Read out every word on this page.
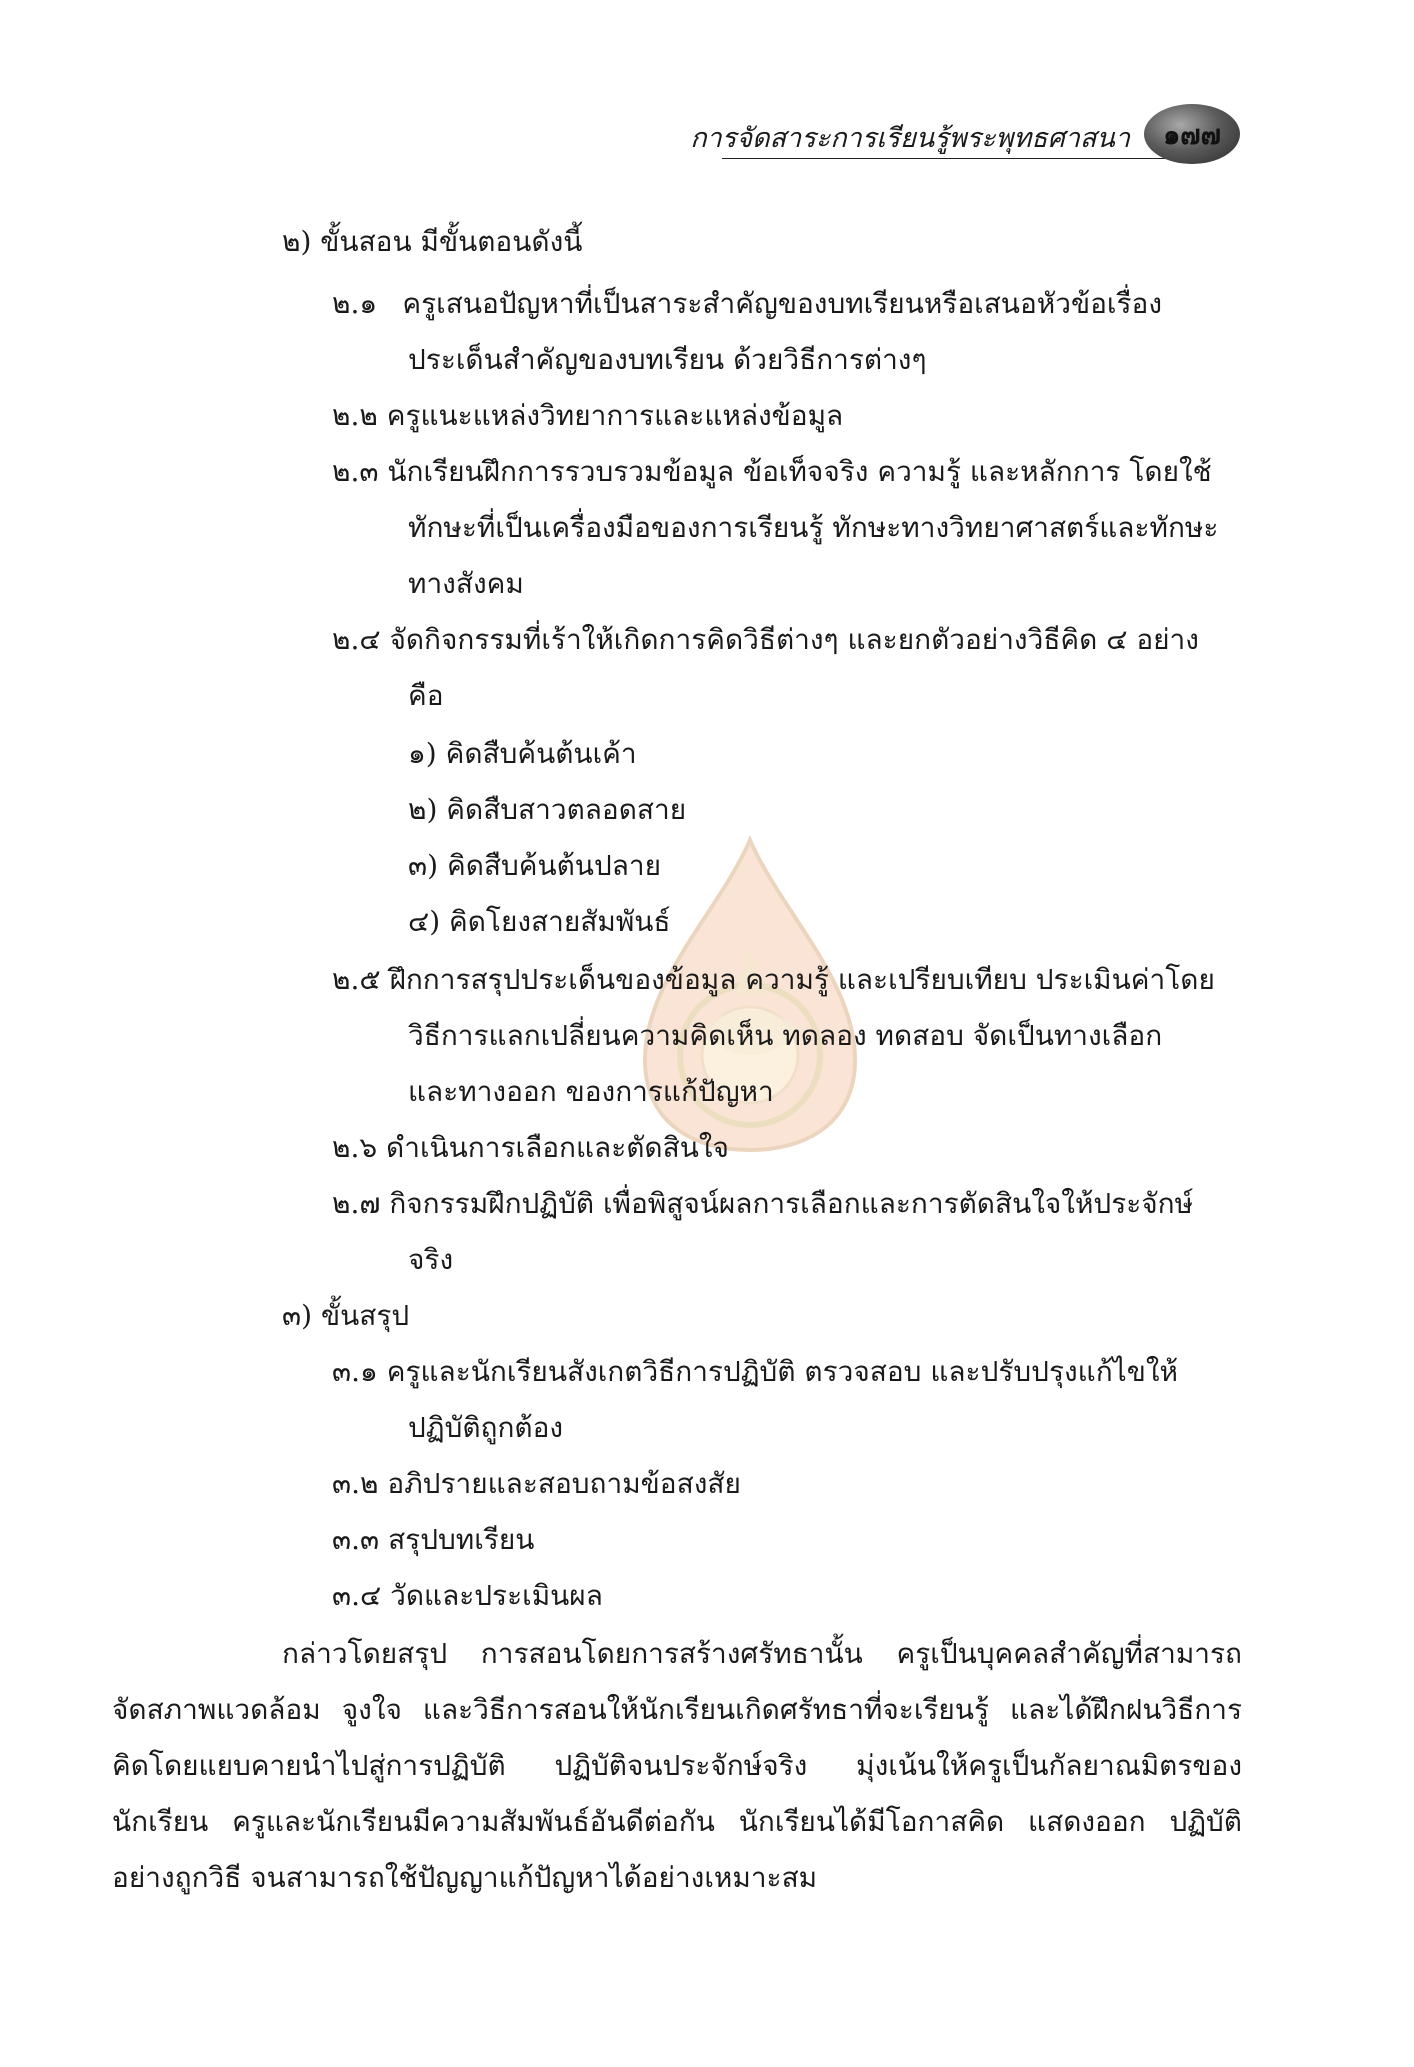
การจัดสาระการเรียนรู้พระพุทธศาสนา ๑๗๗
๒) ขั้นสอน มีขั้นตอนดังนี้
๒.๑ ครูเสนอปัญหาที่เป็นสาระสำคัญของบทเรียนหรือเสนอหัวข้อเรื่อง
ประเด็นสำคัญของบทเรียน ด้วยวิธีการต่างๆ
๒.๒ ครูแนะแหล่งวิทยาการและแหล่งข้อมูล
๒.๓ นักเรียนฝึกการรวบรวมข้อมูล ข้อเท็จจริง ความรู้ และหลักการ โดยใช้
ทักษะที่เป็นเครื่องมือของการเรียนรู้ ทักษะทางวิทยาศาสตร์และทักษะ
ทางสังคม
๒.๔ จัดกิจกรรมที่เร้าให้เกิดการคิดวิธีต่างๆ และยกตัวอย่างวิธีคิด ๔ อย่าง
คือ
๑) คิดสืบค้นต้นเค้า
๒) คิดสืบสาวตลอดสาย
๓) คิดสืบค้นต้นปลาย
๔) คิดโยงสายสัมพันธ์
๒.๕ ฝึกการสรุปประเด็นของข้อมูล ความรู้ และเปรียบเทียบ ประเมินค่าโดย
วิธีการแลกเปลี่ยนความคิดเห็น ทดลอง ทดสอบ จัดเป็นทางเลือก
และทางออก ของการแก้ปัญหา
๒.๖ ดำเนินการเลือกและตัดสินใจ
๒.๗ กิจกรรมฝึกปฏิบัติ เพื่อพิสูจน์ผลการเลือกและการตัดสินใจให้ประจักษ์
จริง
๓) ขั้นสรุป
๓.๑ ครูและนักเรียนสังเกตวิธีการปฏิบัติ ตรวจสอบ และปรับปรุงแก้ไขให้
ปฏิบัติถูกต้อง
๓.๒ อภิปรายและสอบถามข้อสงสัย
๓.๓ สรุปบทเรียน
๓.๔ วัดและประเมินผล
กล่าวโดยสรุป การสอนโดยการสร้างศรัทธานั้น ครูเป็นบุคคลสำคัญที่สามารถ
จัดสภาพแวดล้อม จูงใจ และวิธีการสอนให้นักเรียนเกิดศรัทธาที่จะเรียนรู้ และได้ฝึกฝนวิธีการ
คิดโดยแยบคายนำไปสู่การปฏิบัติ ปฏิบัติจนประจักษ์จริง มุ่งเน้นให้ครูเป็นกัลยาณมิตรของ
นักเรียน ครูและนักเรียนมีความสัมพันธ์อันดีต่อกัน นักเรียนได้มีโอกาสคิด แสดงออก ปฏิบัติ
อย่างถูกวิธี จนสามารถใช้ปัญญาแก้ปัญหาได้อย่างเหมาะสม
